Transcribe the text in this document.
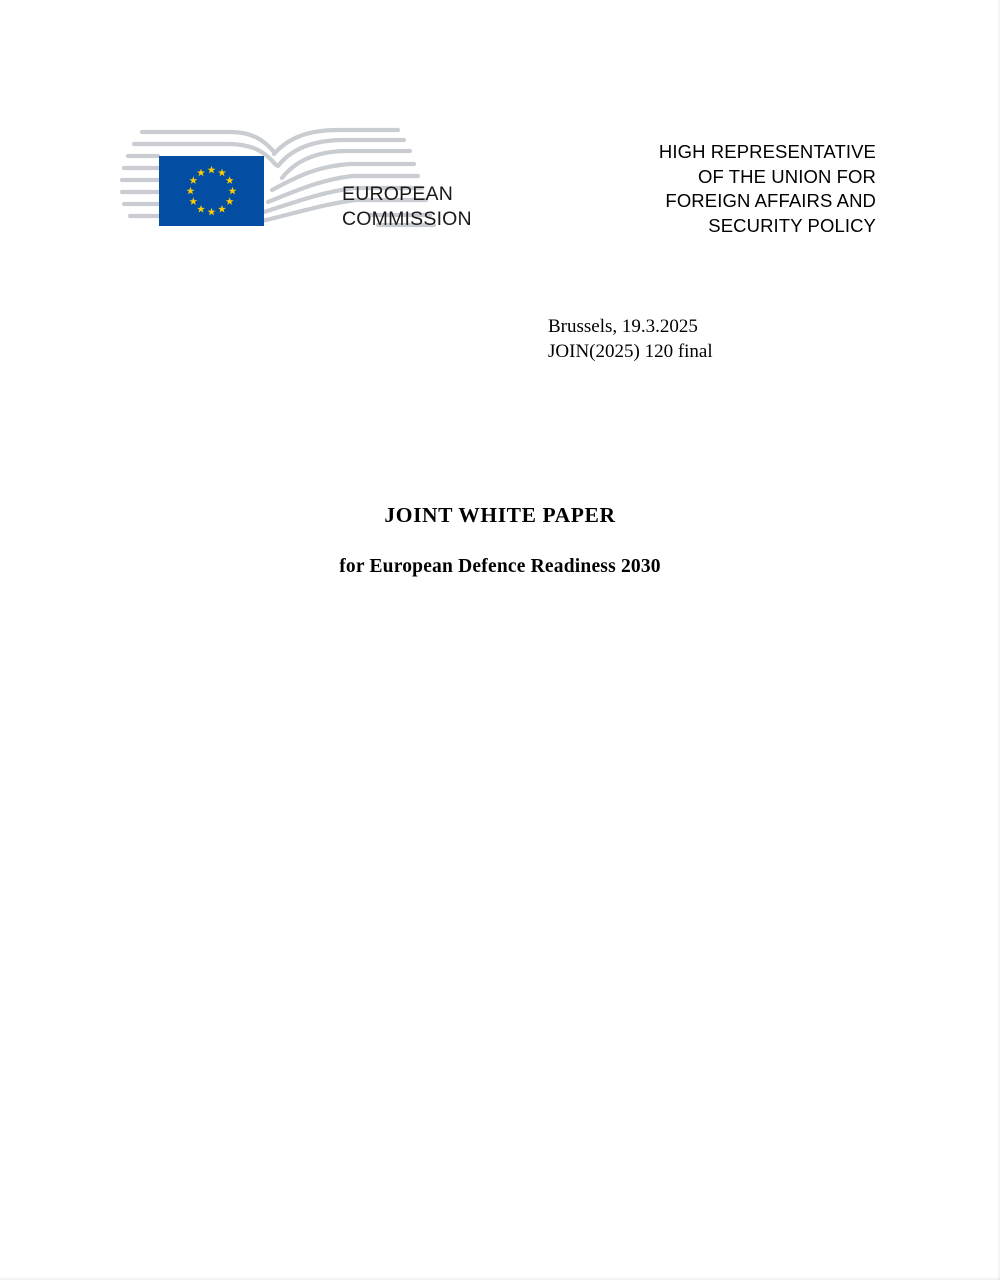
EUROPEAN
COMMISSION
HIGH REPRESENTATIVE
OF THE UNION FOR
FOREIGN AFFAIRS AND
SECURITY POLICY
Brussels, 19.3.2025
JOIN(2025) 120 final
JOINT WHITE PAPER
for European Defence Readiness 2030
